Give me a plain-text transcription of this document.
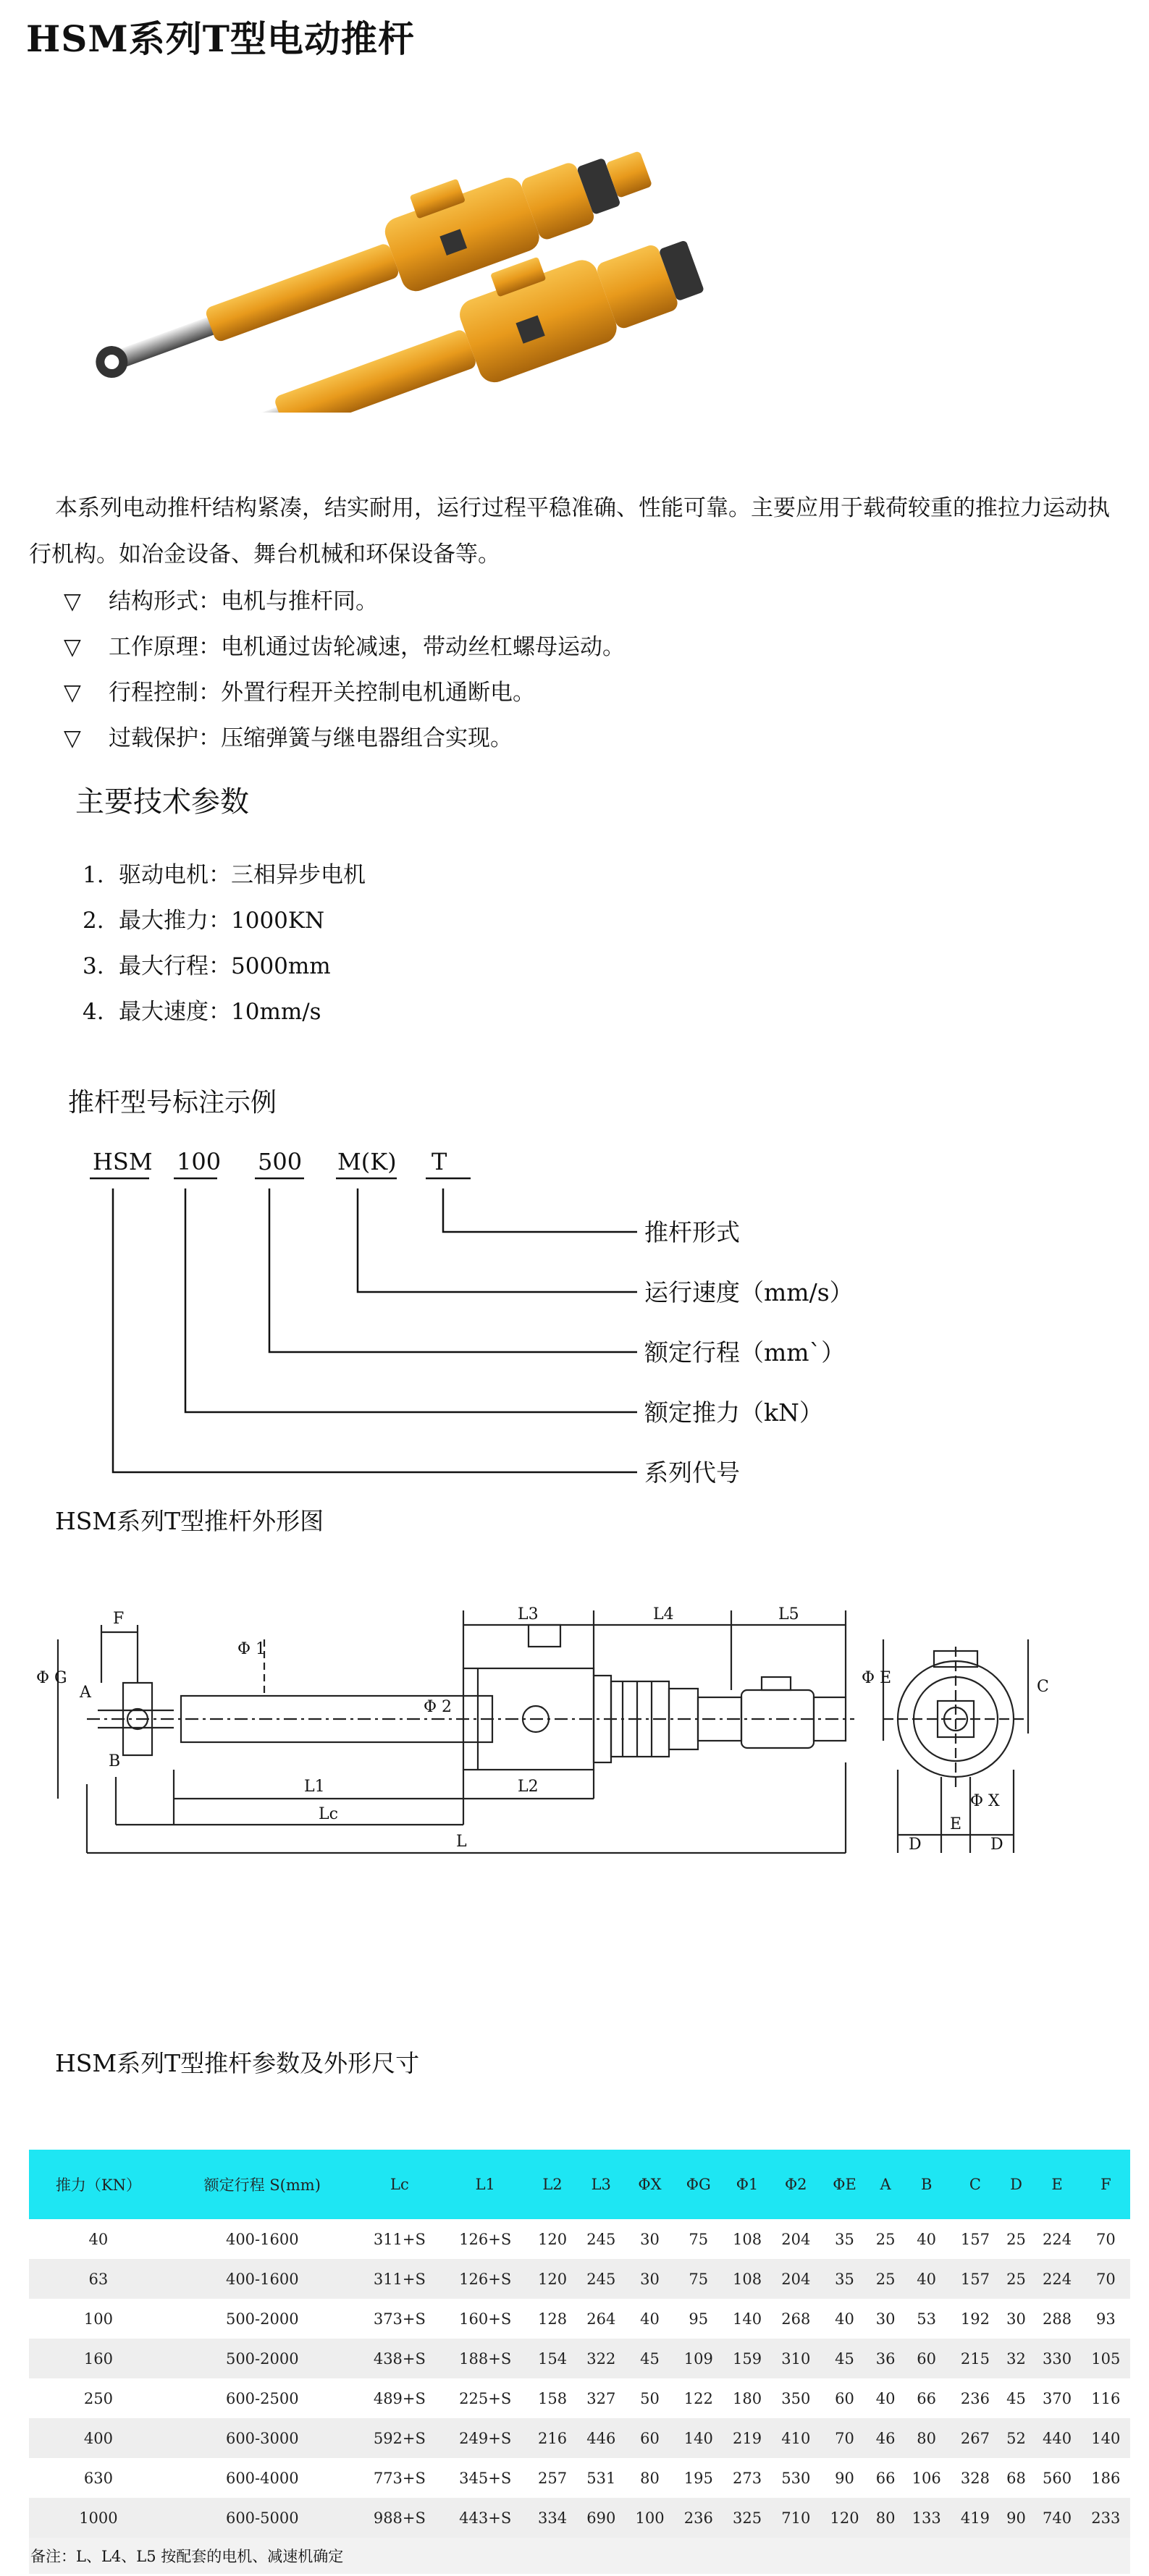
HSM系列T型电动推杆
本系列电动推杆结构紧凑，结实耐用，运行过程平稳准确、性能可靠。主要应用于载荷较重的推拉力运动执行机构。如冶金设备、舞台机械和环保设备等。
▽	结构形式：电机与推杆同。
▽	工作原理：电机通过齿轮减速，带动丝杠螺母运动。
▽	行程控制：外置行程开关控制电机通断电。
▽	过载保护：压缩弹簧与继电器组合实现。
主要技术参数
1. 驱动电机：三相异步电机
2. 最大推力：1000KN
3. 最大行程：5000mm
4. 最大速度：10mm/s
推杆型号标注示例
HSM 100 500 M(K) T
推杆形式
运行速度（mm/s）
额定行程（mm`）
额定推力（kN）
系列代号
HSM系列T型推杆外形图
F
Φ G
A
B
Φ 1
Φ 2
L1
Lc
L
L2
L3	L4	L5
Φ E	C
Φ X
D
E
D
HSM系列T型推杆参数及外形尺寸
推力（KN）	额定行程 S(mm)	Lc	L1	L2	L3	ΦX	ΦG	Φ1	Φ2	ΦE	A	B	C	D	E	F
40	400-1600	311+S	126+S	120	245	30	75	108	204	35	25	40	157	25	224	70
63	400-1600	311+S	126+S	120	245	30	75	108	204	35	25	40	157	25	224	70
100	500-2000	373+S	160+S	128	264	40	95	140	268	40	30	53	192	30	288	93
160	500-2000	438+S	188+S	154	322	45	109	159	310	45	36	60	215	32	330	105
250	600-2500	489+S	225+S	158	327	50	122	180	350	60	40	66	236	45	370	116
400	600-3000	592+S	249+S	216	446	60	140	219	410	70	46	80	267	52	440	140
630	600-4000	773+S	345+S	257	531	80	195	273	530	90	66	106	328	68	560	186
1000	600-5000	988+S	443+S	334	690	100	236	325	710	120	80	133	419	90	740	233
备注：L、L4、L5 按配套的电机、减速机确定																
